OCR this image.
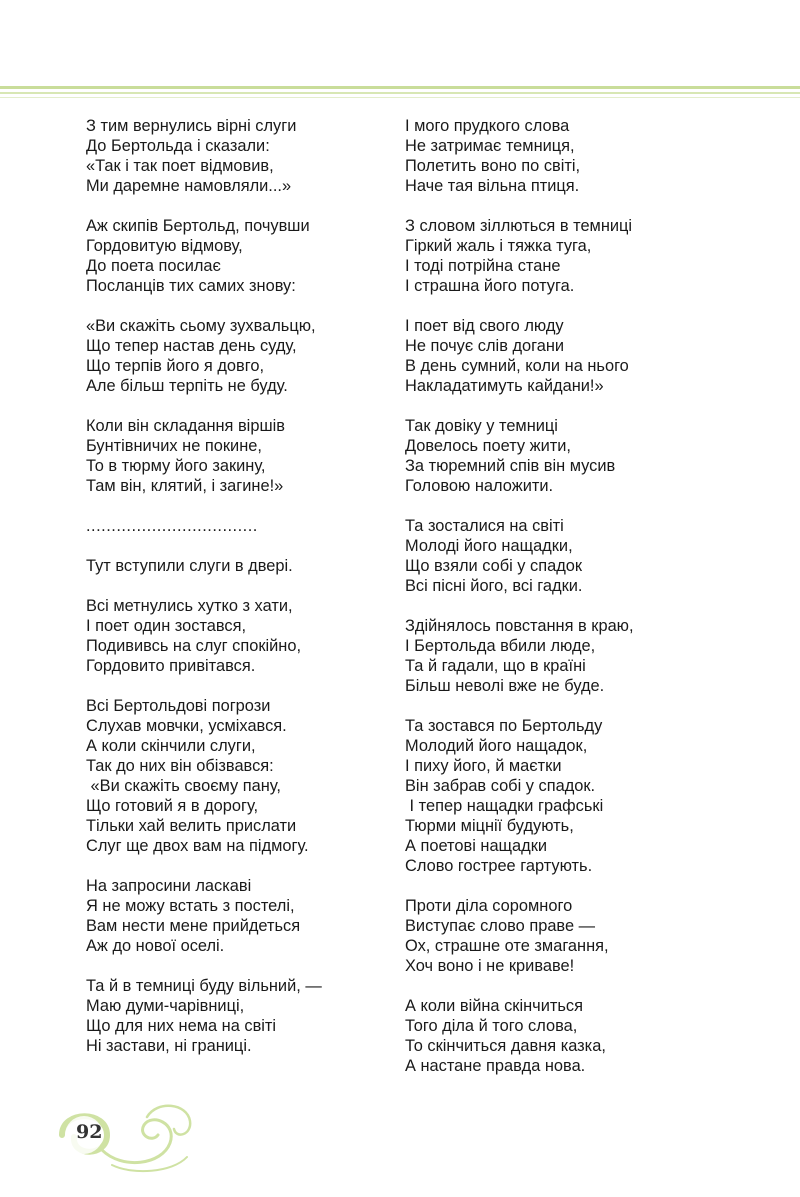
З тим вернулись вірні слуги
До Бертольда і сказали:
«Так і так поет відмовив,
Ми даремне намовляли...»
Аж скипів Бертольд, почувши
Гордовитую відмову,
До поета посилає
Посланців тих самих знову:
«Ви скажіть сьому зухвальцю,
Що тепер настав день суду,
Що терпів його я довго,
Але більш терпіть не буду.
Коли він складання віршів
Бунтівничих не покине,
То в тюрму його закину,
Там він, клятий, і загине!»
..................................
Тут вступили слуги в двері.
Всі метнулись хутко з хати,
І поет один зостався,
Подививсь на слуг спокійно,
Гордовито привітався.
Всі Бертольдові погрози
Слухав мовчки, усміхався.
А коли скінчили слуги,
Так до них він обізвався:
«Ви скажіть своєму пану,
Що готовий я в дорогу,
Тільки хай велить прислати
Слуг ще двох вам на підмогу.
На запросини ласкаві
Я не можу встать з постелі,
Вам нести мене прийдеться
Аж до нової оселі.
Та й в темниці буду вільний, —
Маю думи-чарівниці,
Що для них нема на світі
Ні застави, ні границі.
І мого прудкого слова
Не затримає темниця,
Полетить воно по світі,
Наче тая вільна птиця.
З словом зіллються в темниці
Гіркий жаль і тяжка туга,
І тоді потрійна стане
І страшна його потуга.
І поет від свого люду
Не почує слів догани
В день сумний, коли на нього
Накладатимуть кайдани!»
Так довіку у темниці
Довелось поету жити,
За тюремний спів він мусив
Головою наложити.
Та зосталися на світі
Молоді його нащадки,
Що взяли собі у спадок
Всі пісні його, всі гадки.
Здійнялось повстання в краю,
І Бертольда вбили люде,
Та й гадали, що в країні
Більш неволі вже не буде.
Та зостався по Бертольду
Молодий його нащадок,
І пиху його, й маєтки
Він забрав собі у спадок.
І тепер нащадки графські
Тюрми міцнії будують,
А поетові нащадки
Слово гострее гартують.
Проти діла соромного
Виступає слово праве —
Ох, страшне оте змагання,
Хоч воно і не криваве!
А коли війна скінчиться
Того діла й того слова,
То скінчиться давня казка,
А настане правда нова.
92
